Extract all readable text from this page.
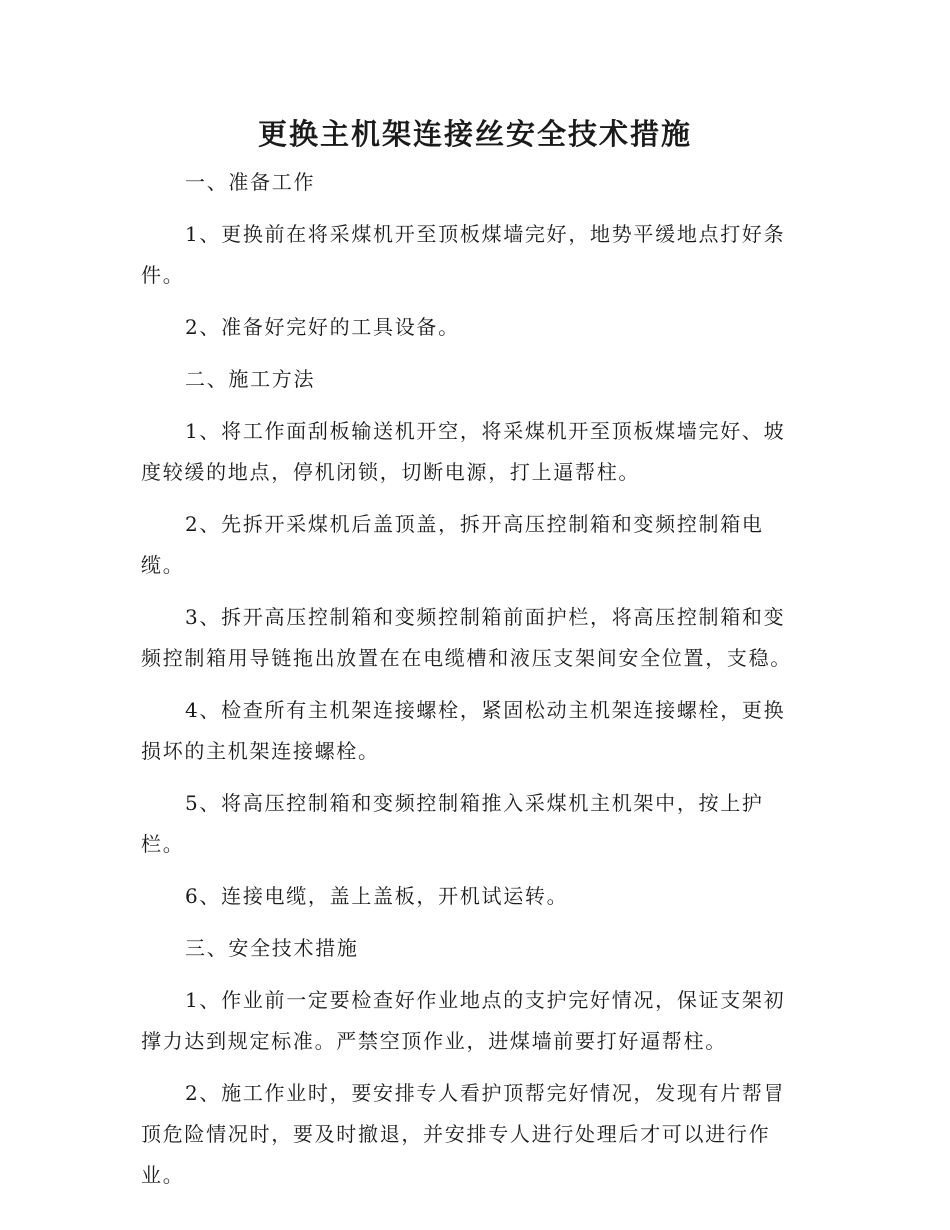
更换主机架连接丝安全技术措施

一、准备工作

1、更换前在将采煤机开至顶板煤墙完好，地势平缓地点打好条件。

2、准备好完好的工具设备。

二、施工方法

1、将工作面刮板输送机开空，将采煤机开至顶板煤墙完好、坡度较缓的地点，停机闭锁，切断电源，打上逼帮柱。

2、先拆开采煤机后盖顶盖，拆开高压控制箱和变频控制箱电缆。

3、拆开高压控制箱和变频控制箱前面护栏，将高压控制箱和变频控制箱用导链拖出放置在在电缆槽和液压支架间安全位置，支稳。

4、检查所有主机架连接螺栓，紧固松动主机架连接螺栓，更换损坏的主机架连接螺栓。

5、将高压控制箱和变频控制箱推入采煤机主机架中，按上护栏。

6、连接电缆，盖上盖板，开机试运转。

三、安全技术措施

1、作业前一定要检查好作业地点的支护完好情况，保证支架初撑力达到规定标准。严禁空顶作业，进煤墙前要打好逼帮柱。

2、施工作业时，要安排专人看护顶帮完好情况，发现有片帮冒顶危险情况时，要及时撤退，并安排专人进行处理后才可以进行作业。
